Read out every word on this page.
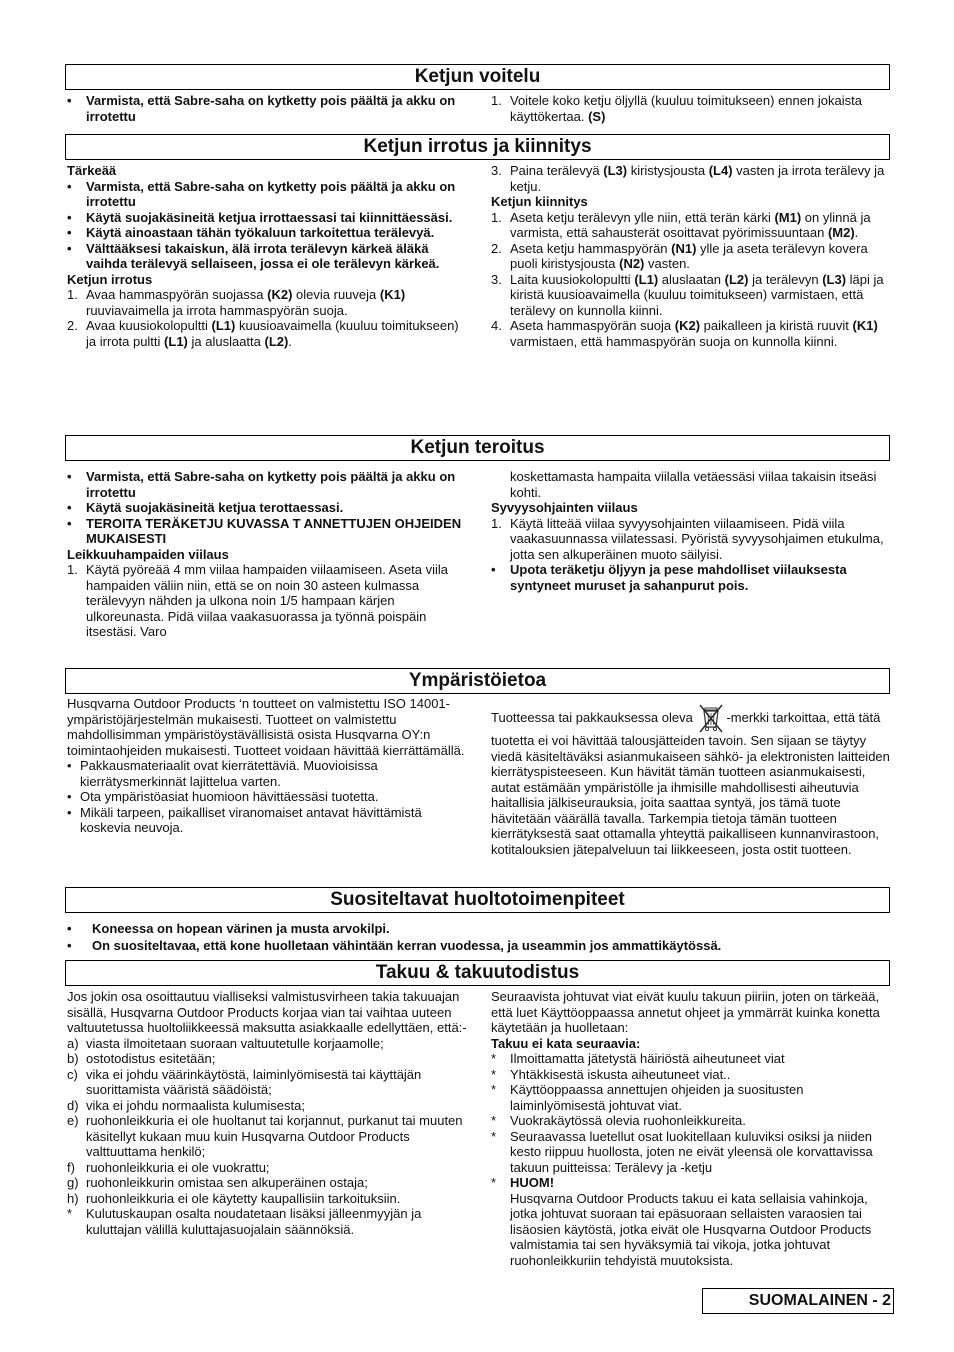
Ketjun voitelu
•	Varmista, että Sabre-saha on kytketty pois päältä ja akku on irrotettu
1. Voitele koko ketju öljyllä (kuuluu toimitukseen) ennen jokaista käyttökertaa. (S)
Ketjun irrotus ja kiinnitys

Tärkeää

•	Varmista, että Sabre-saha on kytketty pois päältä ja akku on irrotettu
•	Käytä suojakäsineitä ketjua irrottaessasi tai kiinnittäessäsi.
•	Käytä ainoastaan tähän työkaluun tarkoitettua terälevyä.
•	Välttääksesi takaiskun, älä irrota terälevyn kärkeä äläkä vaihda terälevyä sellaiseen, jossa ei ole terälevyn kärkeä.

Ketjun irrotus

1. Avaa hammaspyörän suojassa (K2) olevia ruuveja (K1) ruuviavaimella ja irrota hammaspyörän suoja.
2. Avaa kuusiokolopultti (L1) kuusioavaimella (kuuluu toimitukseen) ja irrota pultti (L1) ja aluslaatta (L2).
3. Paina terälevyä (L3) kiristysjousta (L4) vasten ja irrota terälevy ja ketju.

Ketjun kiinnitys

1. Aseta ketju terälevyn ylle niin, että terän kärki (M1) on ylinnä ja varmista, että sahausterät osoittavat pyörimissuuntaan (M2).
2. Aseta ketju hammaspyörän (N1) ylle ja aseta terälevyn kovera puoli kiristysjousta (N2) vasten.
3. Laita kuusiokolopultti (L1) aluslaatan (L2) ja terälevyn (L3) läpi ja kiristä kuusioavaimella (kuuluu toimitukseen) varmistaen, että terälevy on kunnolla kiinni.
4. Aseta hammaspyörän suoja (K2) paikalleen ja kiristä ruuvit (K1) varmistaen, että hammaspyörän suoja on kunnolla kiinni.
Ketjun teroitus
•	Varmista, että Sabre-saha on kytketty pois päältä ja akku on irrotettu
•	Käytä suojakäsineitä ketjua terottaessasi.
•	TEROITA TERÄKETJU KUVASSA T ANNETTUJEN OHJEIDEN MUKAISESTI

Leikkuuhampaiden viilaus

1. Käytä pyöreää 4 mm viilaa hampaiden viilaamiseen. Aseta viila hampaiden väliin niin, että se on noin 30 asteen kulmassa terälevyyn nähden ja ulkona noin 1/5 hampaan kärjen ulkoreunasta. Pidä viilaa vaakasuorassa ja työnnä poispäin itsestäsi. Varo

koskettamasta hampaita viilalla vetäessäsi viilaa takaisin itseäsi kohti.

Syvyysohjainten viilaus

1. Käytä litteää viilaa syvyysohjainten viilaamiseen. Pidä viila vaakasuunnassa viilatessasi. Pyöristä syvyysohjaimen etukulma, jotta sen alkuperäinen muoto säilyisi.
•	Upota teräketju öljyyn ja pese mahdolliset viilauksesta syntyneet muruset ja sahanpurut pois.
Ympäristöietoa

Husqvarna Outdoor Products ‘n toutteet on valmistettu ISO 14001-ympäristöjärjestelmän mukaisesti. Tuotteet on valmistettu mahdollisimman ympäristöystävällisistä osista Husqvarna OY:n toimintaohjeiden mukaisesti. Tuotteet voidaan hävittää kierrättämällä.

• Pakkausmateriaalit ovat kierrätettäviä. Muovioisissa kierrätysmerkinnät lajittelua varten.
• Ota ympäristöasiat huomioon hävittäessäsi tuotetta.
• Mikäli tarpeen, paikalliset viranomaiset antavat hävittämistä koskevia neuvoja.

Tuotteessa tai pakkauksessa oleva -merkki tarkoittaa, että tätä tuotetta ei voi hävittää talousjätteiden tavoin. Sen sijaan se täytyy viedä käsiteltäväksi asianmukaiseen sähkö- ja elektronisten laitteiden kierrätyspisteeseen. Kun hävität tämän tuotteen asianmukaisesti, autat estämään ympäristölle ja ihmisille mahdollisesti aiheutuvia haitallisia jälkiseurauksia, joita saattaa syntyä, jos tämä tuote hävitetään väärällä tavalla. Tarkempia tietoja tämän tuotteen kierrätyksestä saat ottamalla yhteyttä paikalliseen kunnanvirastoon, kotitalouksien jätepalveluun tai liikkeeseen, josta ostit tuotteen.

Suositeltavat huoltotoimenpiteet
•	Koneessa on hopean värinen ja musta arvokilpi.
•	On suositeltavaa, että kone huolletaan vähintään kerran vuodessa, ja useammin jos ammattikäytössä.
Takuu & takuutodistus

Jos jokin osa osoittautuu vialliseksi valmistusvirheen takia takuuajan sisällä, Husqvarna Outdoor Products korjaa vian tai vaihtaa uuteen valtuutetussa huoltoliikkeessä maksutta asiakkaalle edellyttäen, että:-

a) viasta ilmoitetaan suoraan valtuutetulle korjaamolle;
b) ostotodistus esitetään;
c) vika ei johdu väärinkäytöstä, laiminlyömisestä tai käyttäjän suorittamista vääristä säädöistä;
d) vika ei johdu normaalista kulumisesta;
e) ruohonleikkuria ei ole huoltanut tai korjannut, purkanut tai muuten käsitellyt kukaan muu kuin Husqvarna Outdoor Products valttuuttama henkilö;
f) ruohonleikkuria ei ole vuokrattu;
g) ruohonleikkurin omistaa sen alkuperäinen ostaja;
h) ruohonleikkuria ei ole käytetty kaupallisiin tarkoituksiin.
*	Kulutuskaupan osalta noudatetaan lisäksi jälleenmyyjän ja kuluttajan välillä kuluttajasuojalain säännöksiä.

Seuraavista johtuvat viat eivät kuulu takuun piiriin, joten on tärkeää, että luet Käyttöoppaassa annetut ohjeet ja ymmärrät kuinka konetta käytetään ja huolletaan:

Takuu ei kata seuraavia:

*	Ilmoittamatta jätetystä häiriöstä aiheutuneet viat
*	Yhtäkkisestä iskusta aiheutuneet viat..
*	Käyttöoppaassa annettujen ohjeiden ja suositusten laiminlyömisestä johtuvat viat.
*	Vuokrakäytössä olevia ruohonleikkureita.
*	Seuraavassa luetellut osat luokitellaan kuluviksi osiksi ja niiden kesto riippuu huollosta, joten ne eivät yleensä ole korvattavissa takuun puitteissa: Terälevy ja -ketju
*	HUOM!
Husqvarna Outdoor Products takuu ei kata sellaisia vahinkoja, jotka johtuvat suoraan tai epäsuoraan sellaisten varaosien tai lisäosien käytöstä, jotka eivät ole Husqvarna Outdoor Products valmistamia tai sen hyväksymiä tai vikoja, jotka johtuvat ruohonleikkuriin tehdyistä muutoksista.
SUOMALAINEN - 2
